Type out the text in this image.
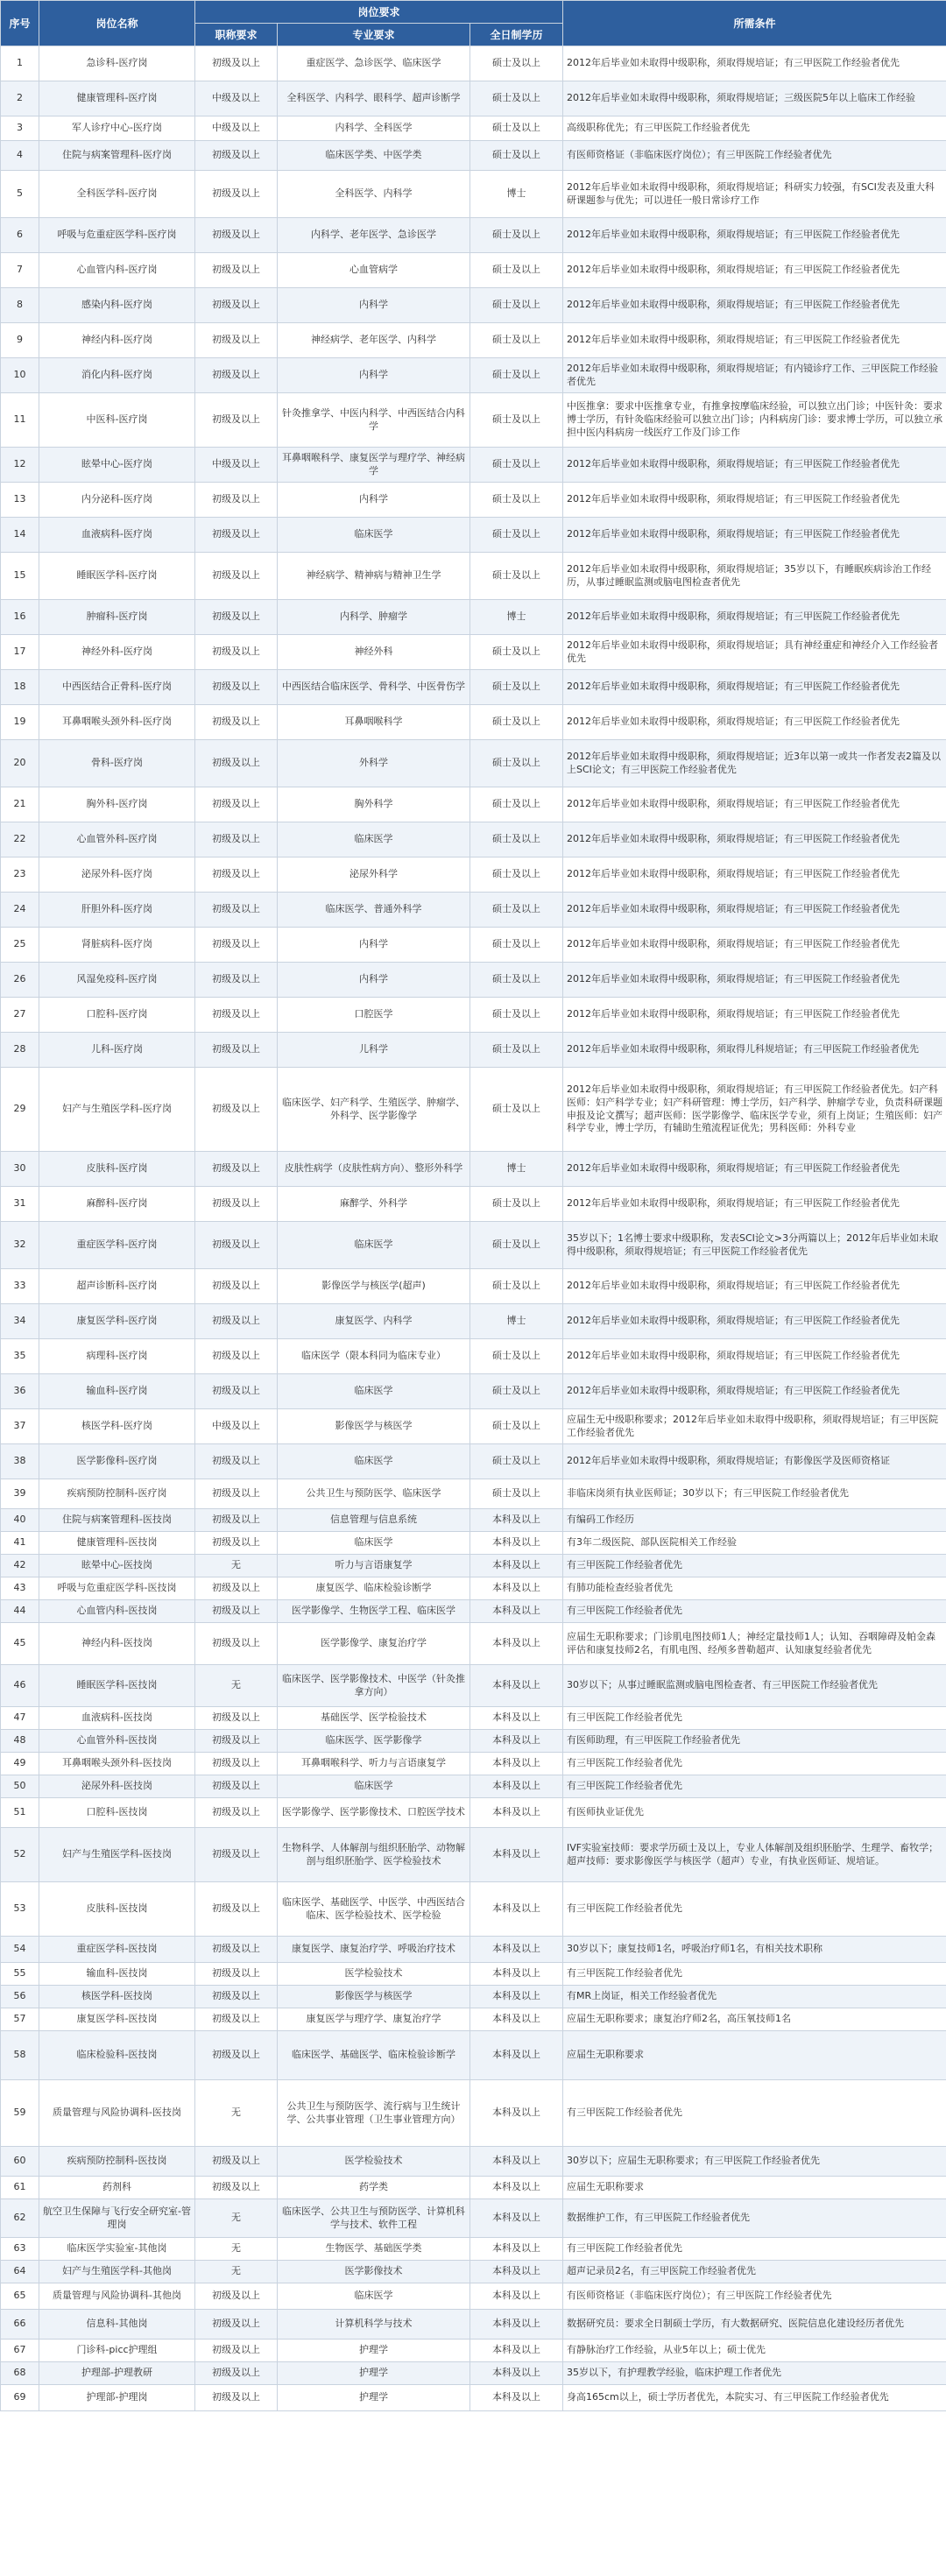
序号	岗位名称	岗位要求			所需条件
		职称要求	专业要求	全日制学历	
1	急诊科-医疗岗	初级及以上	重症医学、急诊医学、临床医学	硕士及以上	2012年后毕业如未取得中级职称，须取得规培证；有三甲医院工作经验者优先
2	健康管理科-医疗岗	中级及以上	全科医学、内科学、眼科学、超声诊断学	硕士及以上	2012年后毕业如未取得中级职称，须取得规培证；三级医院5年以上临床工作经验
3	军人诊疗中心-医疗岗	中级及以上	内科学、全科医学	硕士及以上	高级职称优先；有三甲医院工作经验者优先
4	住院与病案管理科-医疗岗	初级及以上	临床医学类、中医学类	硕士及以上	有医师资格证（非临床医疗岗位）；有三甲医院工作经验者优先
5	全科医学科-医疗岗	初级及以上	全科医学、内科学	博士	2012年后毕业如未取得中级职称，须取得规培证；科研实力较强，有SCI发表及重大科研课题参与优先；可以进任一般日常诊疗工作
6	呼吸与危重症医学科-医疗岗	初级及以上	内科学、老年医学、急诊医学	硕士及以上	2012年后毕业如未取得中级职称，须取得规培证；有三甲医院工作经验者优先
7	心血管内科-医疗岗	初级及以上	心血管病学	硕士及以上	2012年后毕业如未取得中级职称，须取得规培证；有三甲医院工作经验者优先
8	感染内科-医疗岗	初级及以上	内科学	硕士及以上	2012年后毕业如未取得中级职称，须取得规培证；有三甲医院工作经验者优先
9	神经内科-医疗岗	初级及以上	神经病学、老年医学、内科学	硕士及以上	2012年后毕业如未取得中级职称，须取得规培证；有三甲医院工作经验者优先
10	消化内科-医疗岗	初级及以上	内科学	硕士及以上	2012年后毕业如未取得中级职称，须取得规培证；有内镜诊疗工作、三甲医院工作经验者优先
11	中医科-医疗岗	初级及以上	针灸推拿学、中医内科学、中西医结合内科学	硕士及以上	中医推拿：要求中医推拿专业，有推拿按摩临床经验，可以独立出门诊；中医针灸：要求博士学历，有针灸临床经验可以独立出门诊；内科病房门诊：要求博士学历，可以独立承担中医内科病房一线医疗工作及门诊工作
12	眩晕中心-医疗岗	中级及以上	耳鼻咽喉科学、康复医学与理疗学、神经病学	硕士及以上	2012年后毕业如未取得中级职称，须取得规培证；有三甲医院工作经验者优先
13	内分泌科-医疗岗	初级及以上	内科学	硕士及以上	2012年后毕业如未取得中级职称，须取得规培证；有三甲医院工作经验者优先
14	血液病科-医疗岗	初级及以上	临床医学	硕士及以上	2012年后毕业如未取得中级职称，须取得规培证；有三甲医院工作经验者优先
15	睡眠医学科-医疗岗	初级及以上	神经病学、精神病与精神卫生学	硕士及以上	2012年后毕业如未取得中级职称，须取得规培证；35岁以下，有睡眠疾病诊治工作经历，从事过睡眠监测或脑电图检查者优先
16	肿瘤科-医疗岗	初级及以上	内科学、肿瘤学	博士	2012年后毕业如未取得中级职称，须取得规培证；有三甲医院工作经验者优先
17	神经外科-医疗岗	初级及以上	神经外科	硕士及以上	2012年后毕业如未取得中级职称，须取得规培证；具有神经重症和神经介入工作经验者优先
18	中西医结合正骨科-医疗岗	初级及以上	中西医结合临床医学、骨科学、中医骨伤学	硕士及以上	2012年后毕业如未取得中级职称，须取得规培证；有三甲医院工作经验者优先
19	耳鼻咽喉头颈外科-医疗岗	初级及以上	耳鼻咽喉科学	硕士及以上	2012年后毕业如未取得中级职称，须取得规培证；有三甲医院工作经验者优先
20	骨科-医疗岗	初级及以上	外科学	硕士及以上	2012年后毕业如未取得中级职称，须取得规培证；近3年以第一或共一作者发表2篇及以上SCI论文；有三甲医院工作经验者优先
21	胸外科-医疗岗	初级及以上	胸外科学	硕士及以上	2012年后毕业如未取得中级职称，须取得规培证；有三甲医院工作经验者优先
22	心血管外科-医疗岗	初级及以上	临床医学	硕士及以上	2012年后毕业如未取得中级职称，须取得规培证；有三甲医院工作经验者优先
23	泌尿外科-医疗岗	初级及以上	泌尿外科学	硕士及以上	2012年后毕业如未取得中级职称，须取得规培证；有三甲医院工作经验者优先
24	肝胆外科-医疗岗	初级及以上	临床医学、普通外科学	硕士及以上	2012年后毕业如未取得中级职称，须取得规培证；有三甲医院工作经验者优先
25	肾脏病科-医疗岗	初级及以上	内科学	硕士及以上	2012年后毕业如未取得中级职称，须取得规培证；有三甲医院工作经验者优先
26	风湿免疫科-医疗岗	初级及以上	内科学	硕士及以上	2012年后毕业如未取得中级职称，须取得规培证；有三甲医院工作经验者优先
27	口腔科-医疗岗	初级及以上	口腔医学	硕士及以上	2012年后毕业如未取得中级职称，须取得规培证；有三甲医院工作经验者优先
28	儿科-医疗岗	初级及以上	儿科学	硕士及以上	2012年后毕业如未取得中级职称，须取得儿科规培证；有三甲医院工作经验者优先
29	妇产与生殖医学科-医疗岗	初级及以上	临床医学、妇产科学、生殖医学、肿瘤学、外科学、医学影像学	硕士及以上	2012年后毕业如未取得中级职称，须取得规培证；有三甲医院工作经验者优先。妇产科医师：妇产科学专业；妇产科研管理：博士学历，妇产科学、肿瘤学专业，负责科研课题申报及论文撰写；超声医师：医学影像学、临床医学专业，须有上岗证；生殖医师：妇产科学专业，博士学历，有辅助生殖流程证优先；男科医师：外科专业
30	皮肤科-医疗岗	初级及以上	皮肤性病学（皮肤性病方向）、整形外科学	博士	2012年后毕业如未取得中级职称，须取得规培证；有三甲医院工作经验者优先
31	麻醉科-医疗岗	初级及以上	麻醉学、外科学	硕士及以上	2012年后毕业如未取得中级职称，须取得规培证；有三甲医院工作经验者优先
32	重症医学科-医疗岗	初级及以上	临床医学	硕士及以上	35岁以下；1名博士要求中级职称，发表SCI论文>3分两篇以上；2012年后毕业如未取得中级职称，须取得规培证；有三甲医院工作经验者优先
33	超声诊断科-医疗岗	初级及以上	影像医学与核医学(超声)	硕士及以上	2012年后毕业如未取得中级职称，须取得规培证；有三甲医院工作经验者优先
34	康复医学科-医疗岗	初级及以上	康复医学、内科学	博士	2012年后毕业如未取得中级职称，须取得规培证；有三甲医院工作经验者优先
35	病理科-医疗岗	初级及以上	临床医学（限本科同为临床专业）	硕士及以上	2012年后毕业如未取得中级职称，须取得规培证；有三甲医院工作经验者优先
36	输血科-医疗岗	初级及以上	临床医学	硕士及以上	2012年后毕业如未取得中级职称，须取得规培证；有三甲医院工作经验者优先
37	核医学科-医疗岗	中级及以上	影像医学与核医学	硕士及以上	应届生无中级职称要求；2012年后毕业如未取得中级职称，须取得规培证；有三甲医院工作经验者优先
38	医学影像科-医疗岗	初级及以上	临床医学	硕士及以上	2012年后毕业如未取得中级职称，须取得规培证；有影像医学及医师资格证
39	疾病预防控制科-医疗岗	初级及以上	公共卫生与预防医学、临床医学	硕士及以上	非临床岗须有执业医师证；30岁以下；有三甲医院工作经验者优先
40	住院与病案管理科-医技岗	初级及以上	信息管理与信息系统	本科及以上	有编码工作经历
41	健康管理科-医技岗	初级及以上	临床医学	本科及以上	有3年二级医院、部队医院相关工作经验
42	眩晕中心-医技岗	无	听力与言语康复学	本科及以上	有三甲医院工作经验者优先
43	呼吸与危重症医学科-医技岗	初级及以上	康复医学、临床检验诊断学	本科及以上	有肺功能检查经验者优先
44	心血管内科-医技岗	初级及以上	医学影像学、生物医学工程、临床医学	本科及以上	有三甲医院工作经验者优先
45	神经内科-医技岗	初级及以上	医学影像学、康复治疗学	本科及以上	应届生无职称要求；门诊肌电图技师1人；神经定量技师1人；认知、吞咽障碍及帕金森评估和康复技师2名，有肌电图、经颅多普勒超声、认知康复经验者优先
46	睡眠医学科-医技岗	无	临床医学、医学影像技术、中医学（针灸推拿方向）	本科及以上	30岁以下；从事过睡眠监测或脑电图检查者、有三甲医院工作经验者优先
47	血液病科-医技岗	初级及以上	基础医学、医学检验技术	本科及以上	有三甲医院工作经验者优先
48	心血管外科-医技岗	初级及以上	临床医学、医学影像学	本科及以上	有医师助理，有三甲医院工作经验者优先
49	耳鼻咽喉头颈外科-医技岗	初级及以上	耳鼻咽喉科学、听力与言语康复学	本科及以上	有三甲医院工作经验者优先
50	泌尿外科-医技岗	初级及以上	临床医学	本科及以上	有三甲医院工作经验者优先
51	口腔科-医技岗	初级及以上	医学影像学、医学影像技术、口腔医学技术	本科及以上	有医师执业证优先
52	妇产与生殖医学科-医技岗	初级及以上	生物科学、人体解剖与组织胚胎学、动物解剖与组织胚胎学、医学检验技术	本科及以上	IVF实验室技师：要求学历硕士及以上，专业人体解剖及组织胚胎学、生理学、畜牧学；超声技师：要求影像医学与核医学（超声）专业，有执业医师证、规培证。
53	皮肤科-医技岗	初级及以上	临床医学、基础医学、中医学、中西医结合临床、医学检验技术、医学检验	本科及以上	有三甲医院工作经验者优先
54	重症医学科-医技岗	初级及以上	康复医学、康复治疗学、呼吸治疗技术	本科及以上	30岁以下；康复技师1名，呼吸治疗师1名，有相关技术职称
55	输血科-医技岗	初级及以上	医学检验技术	本科及以上	有三甲医院工作经验者优先
56	核医学科-医技岗	初级及以上	影像医学与核医学	本科及以上	有MR上岗证，相关工作经验者优先
57	康复医学科-医技岗	初级及以上	康复医学与理疗学、康复治疗学	本科及以上	应届生无职称要求；康复治疗师2名，高压氧技师1名
58	临床检验科-医技岗	初级及以上	临床医学、基础医学、临床检验诊断学	本科及以上	应届生无职称要求
59	质量管理与风险协调科-医技岗	无	公共卫生与预防医学、流行病与卫生统计学、公共事业管理（卫生事业管理方向）	本科及以上	有三甲医院工作经验者优先
60	疾病预防控制科-医技岗	初级及以上	医学检验技术	本科及以上	30岁以下；应届生无职称要求；有三甲医院工作经验者优先
61	药剂科	初级及以上	药学类	本科及以上	应届生无职称要求
62	航空卫生保障与飞行安全研究室-管理岗	无	临床医学、公共卫生与预防医学、计算机科学与技术、软件工程	本科及以上	数据维护工作，有三甲医院工作经验者优先
63	临床医学实验室-其他岗	无	生物医学、基础医学类	本科及以上	有三甲医院工作经验者优先
64	妇产与生殖医学科-其他岗	无	医学影像技术	本科及以上	超声记录员2名，有三甲医院工作经验者优先
65	质量管理与风险协调科-其他岗	初级及以上	临床医学	本科及以上	有医师资格证（非临床医疗岗位）；有三甲医院工作经验者优先
66	信息科-其他岗	初级及以上	计算机科学与技术	本科及以上	数据研究员：要求全日制硕士学历，有大数据研究、医院信息化建设经历者优先
67	门诊科-picc护理组	初级及以上	护理学	本科及以上	有静脉治疗工作经验，从业5年以上；硕士优先
68	护理部-护理教研	初级及以上	护理学	本科及以上	35岁以下，有护理教学经验，临床护理工作者优先
69	护理部-护理岗	初级及以上	护理学	本科及以上	身高165cm以上，硕士学历者优先，本院实习、有三甲医院工作经验者优先
